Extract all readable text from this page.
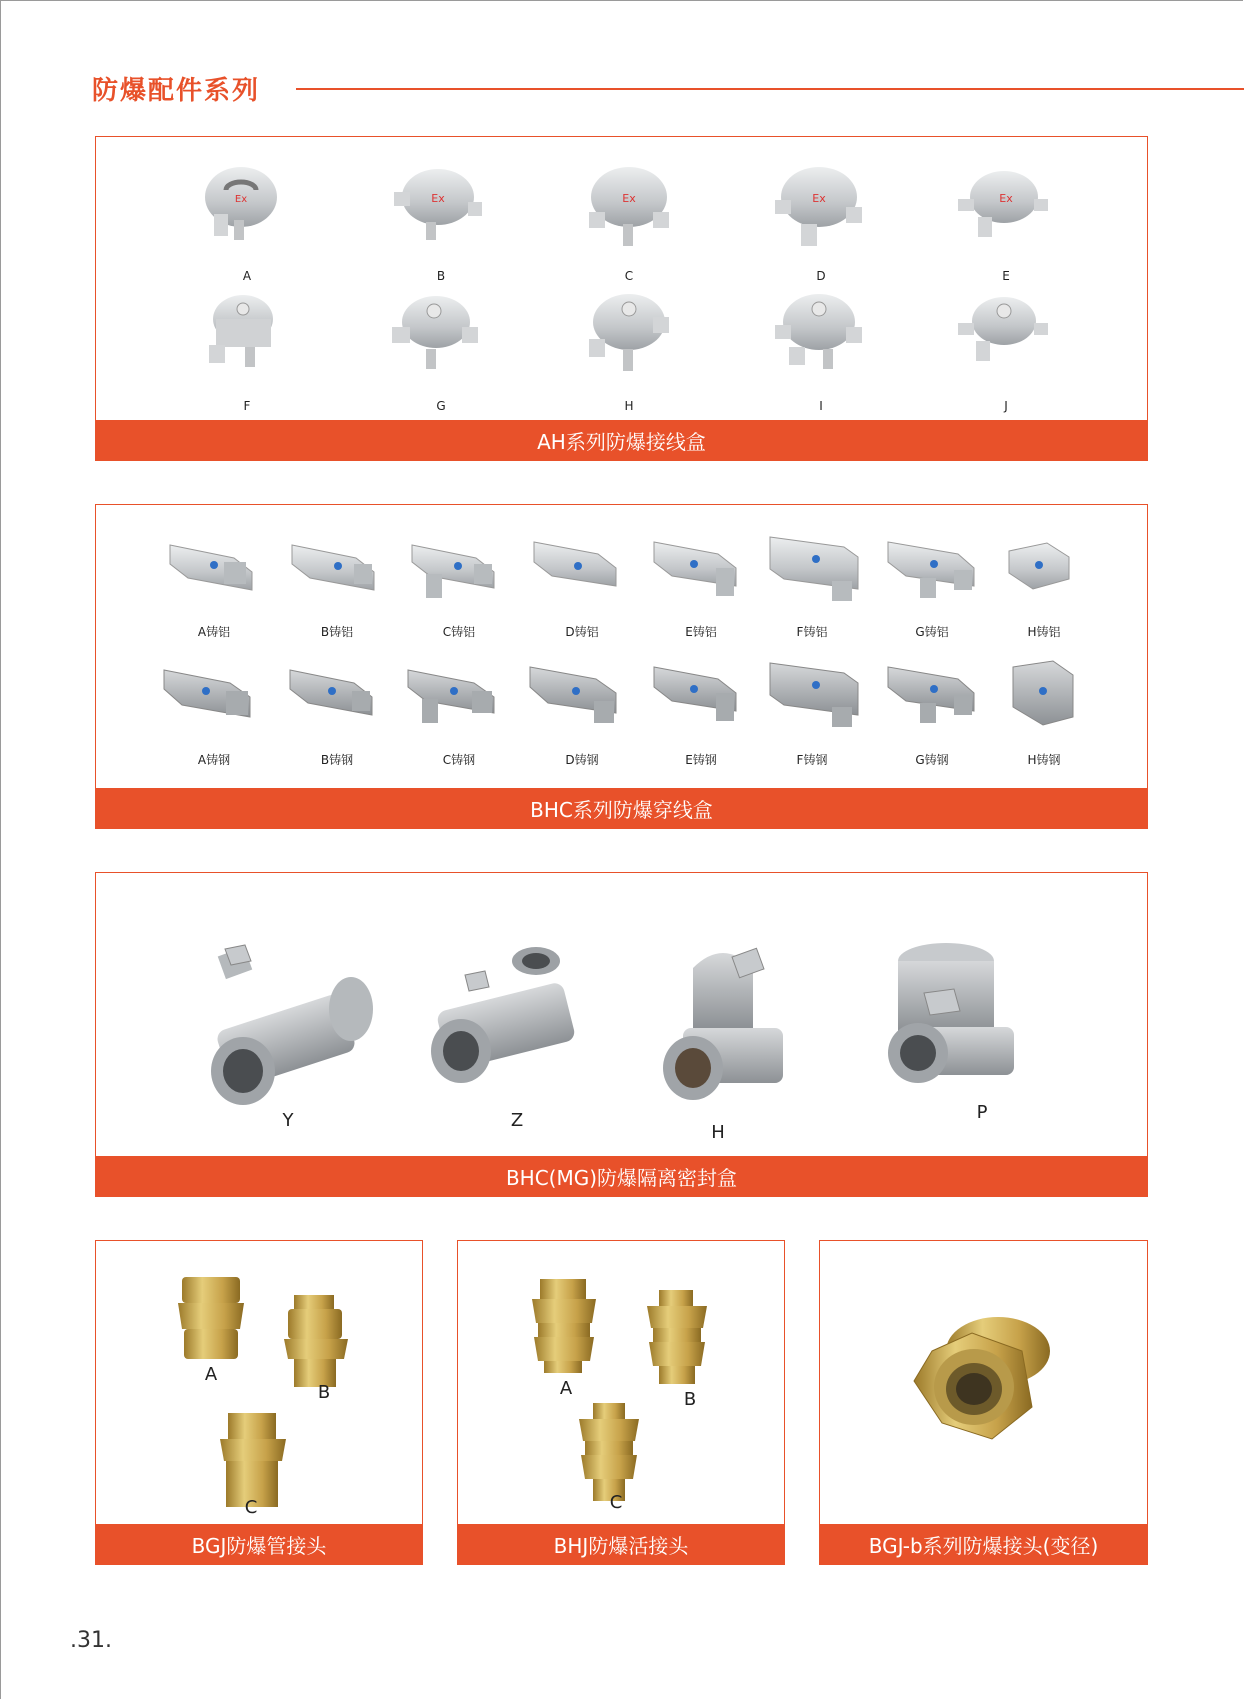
防爆配件系列
Ex	Ex	Ex	Ex	Ex
A	B	C	D	E
F	G	H	I	J
AH系列防爆接线盒
A铸铝	B铸铝	C铸铝	D铸铝	E铸铝	F铸铝	G铸铝	H铸铝
A铸钢	B铸钢	C铸钢	D铸钢	E铸钢	F铸钢	G铸钢	H铸钢
BHC系列防爆穿线盒
Y	Z
H
P
BHC(MG)防爆隔离密封盒
A
B
C
BGJ防爆管接头
A
B
C
BHJ防爆活接头	BGJ-b系列防爆接头(变径)
.31.
